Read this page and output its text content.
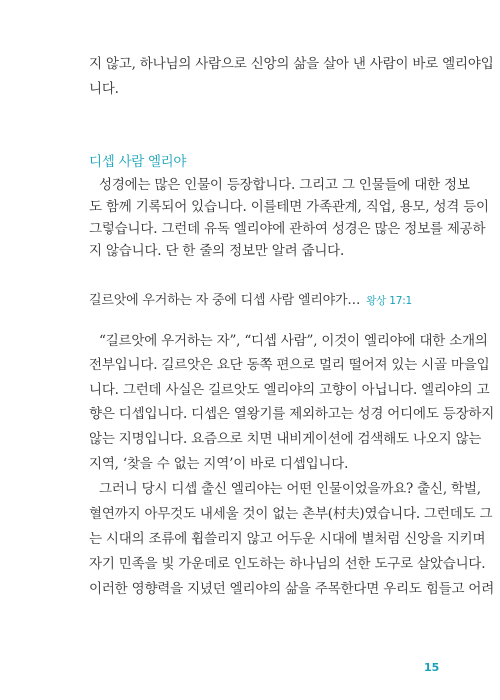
지 않고, 하나님의 사람으로 신앙의 삶을 살아 낸 사람이 바로 엘리야입
니다.
디셉 사람 엘리야
성경에는 많은 인물이 등장합니다. 그리고 그 인물들에 대한 정보
도 함께 기록되어 있습니다. 이를테면 가족관계, 직업, 용모, 성격 등이
그렇습니다. 그런데 유독 엘리야에 관하여 성경은 많은 정보를 제공하
지 않습니다. 단 한 줄의 정보만 알려 줍니다.
길르앗에 우거하는 자 중에 디셉 사람 엘리야가… 왕상 17:1
“길르앗에 우거하는 자”, “디셉 사람”, 이것이 엘리야에 대한 소개의
전부입니다. 길르앗은 요단 동쪽 편으로 멀리 떨어져 있는 시골 마을입
니다. 그런데 사실은 길르앗도 엘리야의 고향이 아닙니다. 엘리야의 고
향은 디셉입니다. 디셉은 열왕기를 제외하고는 성경 어디에도 등장하지
않는 지명입니다. 요즘으로 치면 내비게이션에 검색해도 나오지 않는
지역, ‘찾을 수 없는 지역’이 바로 디셉입니다.
그러니 당시 디셉 출신 엘리야는 어떤 인물이었을까요? 출신, 학벌,
혈연까지 아무것도 내세울 것이 없는 촌부(村夫)였습니다. 그런데도 그
는 시대의 조류에 휩쓸리지 않고 어두운 시대에 별처럼 신앙을 지키며
자기 민족을 빛 가운데로 인도하는 하나님의 선한 도구로 살았습니다.
이러한 영향력을 지녔던 엘리야의 삶을 주목한다면 우리도 힘들고 어려
15
